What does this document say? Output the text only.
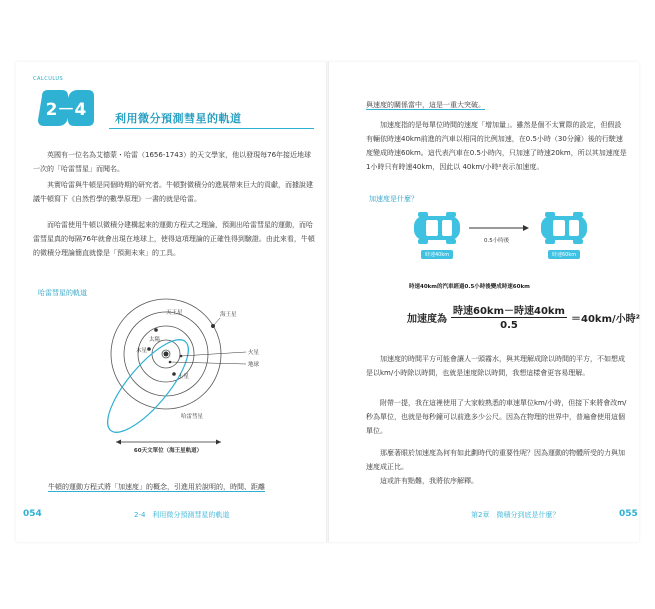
CALCULUS
2－4	利用微分預測彗星的軌道
英國有一位名為艾德蒙・哈雷（1656-1743）的天文學家，他以發現每76年接近地球一次的「哈雷彗星」而聞名。
其實哈雷與牛頓是同個時期的研究者。牛頓對微積分的進展帶來巨大的貢獻，而據說建議牛頓寫下《自然哲學的數學原理》一書的就是哈雷。
而哈雷使用牛頓以微積分建構起來的運動方程式之理論，預測出哈雷彗星的運動，而哈雷彗星真的每隔76年就會出現在地球上，使得這項理論的正確性得到驗證。由此來看，牛頓的微積分理論簡直就像是「預測未來」的工具。
哈雷彗星的軌道
海王星
天王星
土星
木星
太陽
火星
地球
哈雷彗星
60天文單位（海王星軌道）
牛頓的運動方程式將「加速度」的概念，引進用於說明的，時間、距離
054	2-4　利用微分預測彗星的軌道
與速度的關係當中，這是一重大突破。
加速度指的是每單位時間的速度「增加量」。雖然是個不太實際的設定，但假設有輛依時速40km前進的汽車以相同的比例加速，在0.5小時（30分鐘）後的行駛速度變成時速60km。這代表汽車在0.5小時內，只加速了時速20km，所以其加速度是1小時只有時速40km，因此以 40km/小時²表示加速度。
加速度是什麼？
時速40km
0.5小時後
時速60km
時速40km的汽車經過0.5小時後變成時速60km
加速度為
時速60km－時速40km
0.5
＝40km/小時²
加速度的時間平方可能會讓人一頭霧水，與其理解成除以時間的平方，不如想成是以km/小時除以時間，也就是速度除以時間，我想這樣會更容易理解。
附帶一提，我在這裡使用了大家較熟悉的車速單位km/小時，但接下來將會改m/秒為單位，也就是每秒鐘可以前進多少公尺。因為在物理的世界中，普遍會使用這個單位。
那麼著眼於加速度為何有如此劃時代的重要性呢？因為運動的物體所受的力與加速度成正比。
這或許有點難，我將依序解釋。
第2章　微積分到底是什麼？	055
